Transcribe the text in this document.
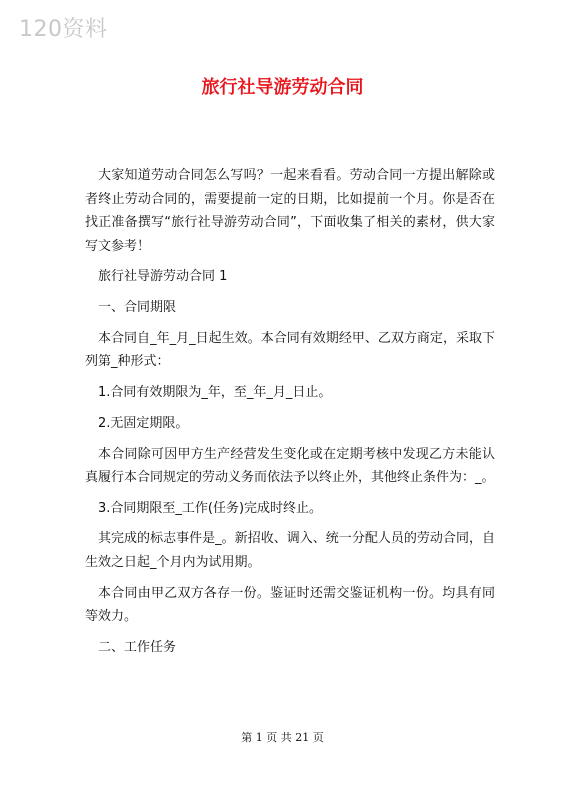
120资料
旅行社导游劳动合同

大家知道劳动合同怎么写吗？一起来看看。劳动合同一方提出解除或者终止劳动合同的，需要提前一定的日期，比如提前一个月。你是否在找正准备撰写“旅行社导游劳动合同”，下面收集了相关的素材，供大家写文参考！

旅行社导游劳动合同 1

一、合同期限

本合同自_年_月_日起生效。本合同有效期经甲、乙双方商定，采取下列第_种形式：

1.合同有效期限为_年，至_年_月_日止。

2.无固定期限。

本合同除可因甲方生产经营发生变化或在定期考核中发现乙方未能认真履行本合同规定的劳动义务而依法予以终止外，其他终止条件为：_。

3.合同期限至_工作(任务)完成时终止。

其完成的标志事件是_。新招收、调入、统一分配人员的劳动合同，自生效之日起_个月内为试用期。

本合同由甲乙双方各存一份。鉴证时还需交鉴证机构一份。均具有同等效力。

二、工作任务

第 1 页 共 21 页
